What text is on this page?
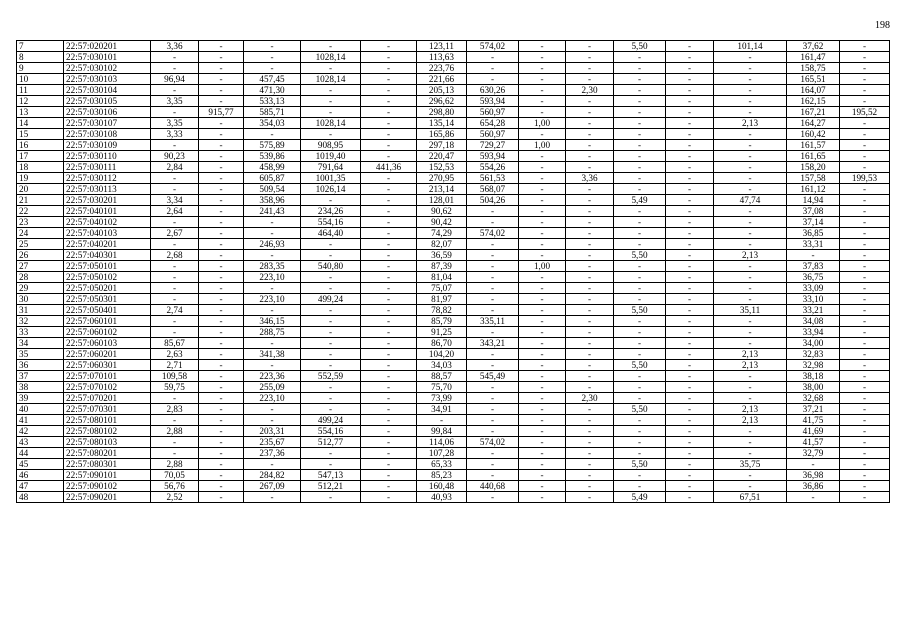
198
7	22:57:020201	3,36	-	-	-	-	123,11	574,02	-	-	5,50	-	101,14	37,62	-
8	22:57:030101	-	-	-	1028,14	-	113,63	-	-	-	-	-	-	161,47	-
9	22:57:030102	-	-	-	-	-	223,76	-	-	-	-	-	-	158,75	-
10	22:57:030103	96,94	-	457,45	1028,14	-	221,66	-	-	-	-	-	-	165,51	-
11	22:57:030104	-	-	471,30	-	-	205,13	630,26	-	2,30	-	-	-	164,07	-
12	22:57:030105	3,35	-	533,13	-	-	296,62	593,94	-	-	-	-	-	162,15	-
13	22:57:030106	-	915,77	585,71	-	-	298,80	560,97	-	-	-	-	-	167,21	195,52
14	22:57:030107	3,35	-	354,03	1028,14	-	135,14	654,28	1,00	-	-	-	2,13	164,27	-
15	22:57:030108	3,33	-	-	-	-	165,86	560,97	-	-	-	-	-	160,42	-
16	22:57:030109	-	-	575,89	908,95	-	297,18	729,27	1,00	-	-	-	-	161,57	-
17	22:57:030110	90,23	-	539,86	1019,40	-	220,47	593,94	-	-	-	-	-	161,65	-
18	22:57:030111	2,84	-	458,99	791,64	441,36	152,53	554,26	-	-	-	-	-	158,20	-
19	22:57:030112	-	-	605,87	1001,35	-	270,95	561,53	-	3,36	-	-	-	157,58	199,53
20	22:57:030113	-	-	509,54	1026,14	-	213,14	568,07	-	-	-	-	-	161,12	-
21	22:57:030201	3,34	-	358,96	-	-	128,01	504,26	-	-	5,49	-	47,74	14,94	-
22	22:57:040101	2,64	-	241,43	234,26	-	90,62	-	-	-	-	-	-	37,08	-
23	22:57:040102	-	-	-	554,16	-	90,42	-	-	-	-	-	-	37,14	-
24	22:57:040103	2,67	-	-	464,40	-	74,29	574,02	-	-	-	-	-	36,85	-
25	22:57:040201	-	-	246,93	-	-	82,07	-	-	-	-	-	-	33,31	-
26	22:57:040301	2,68	-	-	-	-	36,59	-	-	-	5,50	-	2,13	-	-
27	22:57:050101	-	-	283,35	540,80	-	87,39	-	1,00	-	-	-	-	37,83	-
28	22:57:050102	-	-	223,10	-	-	81,04	-	-	-	-	-	-	36,75	-
29	22:57:050201	-	-	-	-	-	75,07	-	-	-	-	-	-	33,09	-
30	22:57:050301	-	-	223,10	499,24	-	81,97	-	-	-	-	-	-	33,10	-
31	22:57:050401	2,74	-	-	-	-	78,82	-	-	-	5,50	-	35,11	33,21	-
32	22:57:060101	-	-	346,15	-	-	85,79	335,11	-	-	-	-	-	34,08	-
33	22:57:060102	-	-	288,75	-	-	91,25	-	-	-	-	-	-	33,94	-
34	22:57:060103	85,67	-	-	-	-	86,70	343,21	-	-	-	-	-	34,00	-
35	22:57:060201	2,63	-	341,38	-	-	104,20	-	-	-	-	-	2,13	32,83	-
36	22:57:060301	2,71	-	-	-	-	34,03	-	-	-	5,50	-	2,13	32,98	-
37	22:57:070101	109,58	-	223,36	552,59	-	88,57	545,49	-	-	-	-	-	38,18	-
38	22:57:070102	59,75	-	255,09	-	-	75,70	-	-	-	-	-	-	38,00	-
39	22:57:070201	-	-	223,10	-	-	73,99	-	-	2,30	-	-	-	32,68	-
40	22:57:070301	2,83	-	-	-	-	34,91	-	-	-	5,50	-	2,13	37,21	-
41	22:57:080101	-	-	-	499,24	-	-	-	-	-	-	-	2,13	41,75	-
42	22:57:080102	2,88	-	203,31	554,16	-	99,84	-	-	-	-	-	-	41,69	-
43	22:57:080103	-	-	235,67	512,77	-	114,06	574,02	-	-	-	-	-	41,57	-
44	22:57:080201	-	-	237,36	-	-	107,28	-	-	-	-	-	-	32,79	-
45	22:57:080301	2,88	-	-	-	-	65,33	-	-	-	5,50	-	35,75	-	-
46	22:57:090101	70,05	-	284,82	547,13	-	85,23	-	-	-	-	-	-	36,98	-
47	22:57:090102	56,76	-	267,09	512,21	-	160,48	440,68	-	-	-	-	-	36,86	-
48	22:57:090201	2,52	-	-	-	-	40,93	-	-	-	5,49	-	67,51	-	-
